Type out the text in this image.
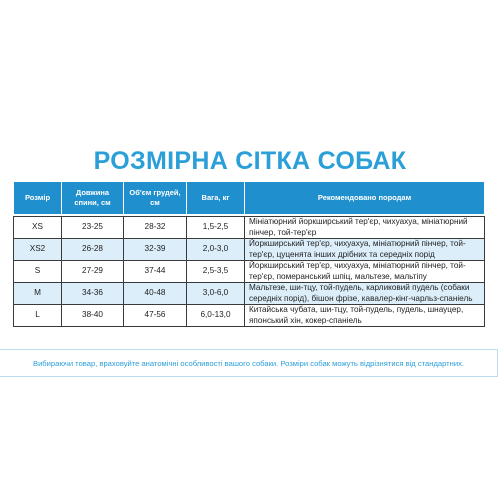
РОЗМІРНА СІТКА СОБАК
Розмір	Довжина спини, см	Об'єм грудей, см	Вага, кг	Рекомендовано породам

XS	23-25	28-32	1,5-2,5	Мініатюрний йоркширський тер'єр, чихуахуа, мініатюрний пінчер, той-тер'єр
XS2	26-28	32-39	2,0-3,0	Йоркширський тер'єр, чихуахуа, мініатюрний пінчер, той-тер'єр, цуценята інших дрібних та середніх порід
S	27-29	37-44	2,5-3,5	Йоркширський тер'єр, чихуахуа, мініатюрний пінчер, той-тер'єр, померанський шпіц, мальтезе, мальтіпу
M	34-36	40-48	3,0-6,0	Мальтезе, ши-тцу, той-пудель, карликовий пудель (собаки середніх порід), бішон фрізе, кавалер-кінг-чарльз-спаніель
L	38-40	47-56	6,0-13,0	Китайська чубата, ши-тцу, той-пудель, пудель, шнауцер, японський хін, кокер-спаніель
Вибираючи товар, враховуйте анатомічні особливості вашого собаки. Розміри собак можуть відрізнятися від стандартних.
